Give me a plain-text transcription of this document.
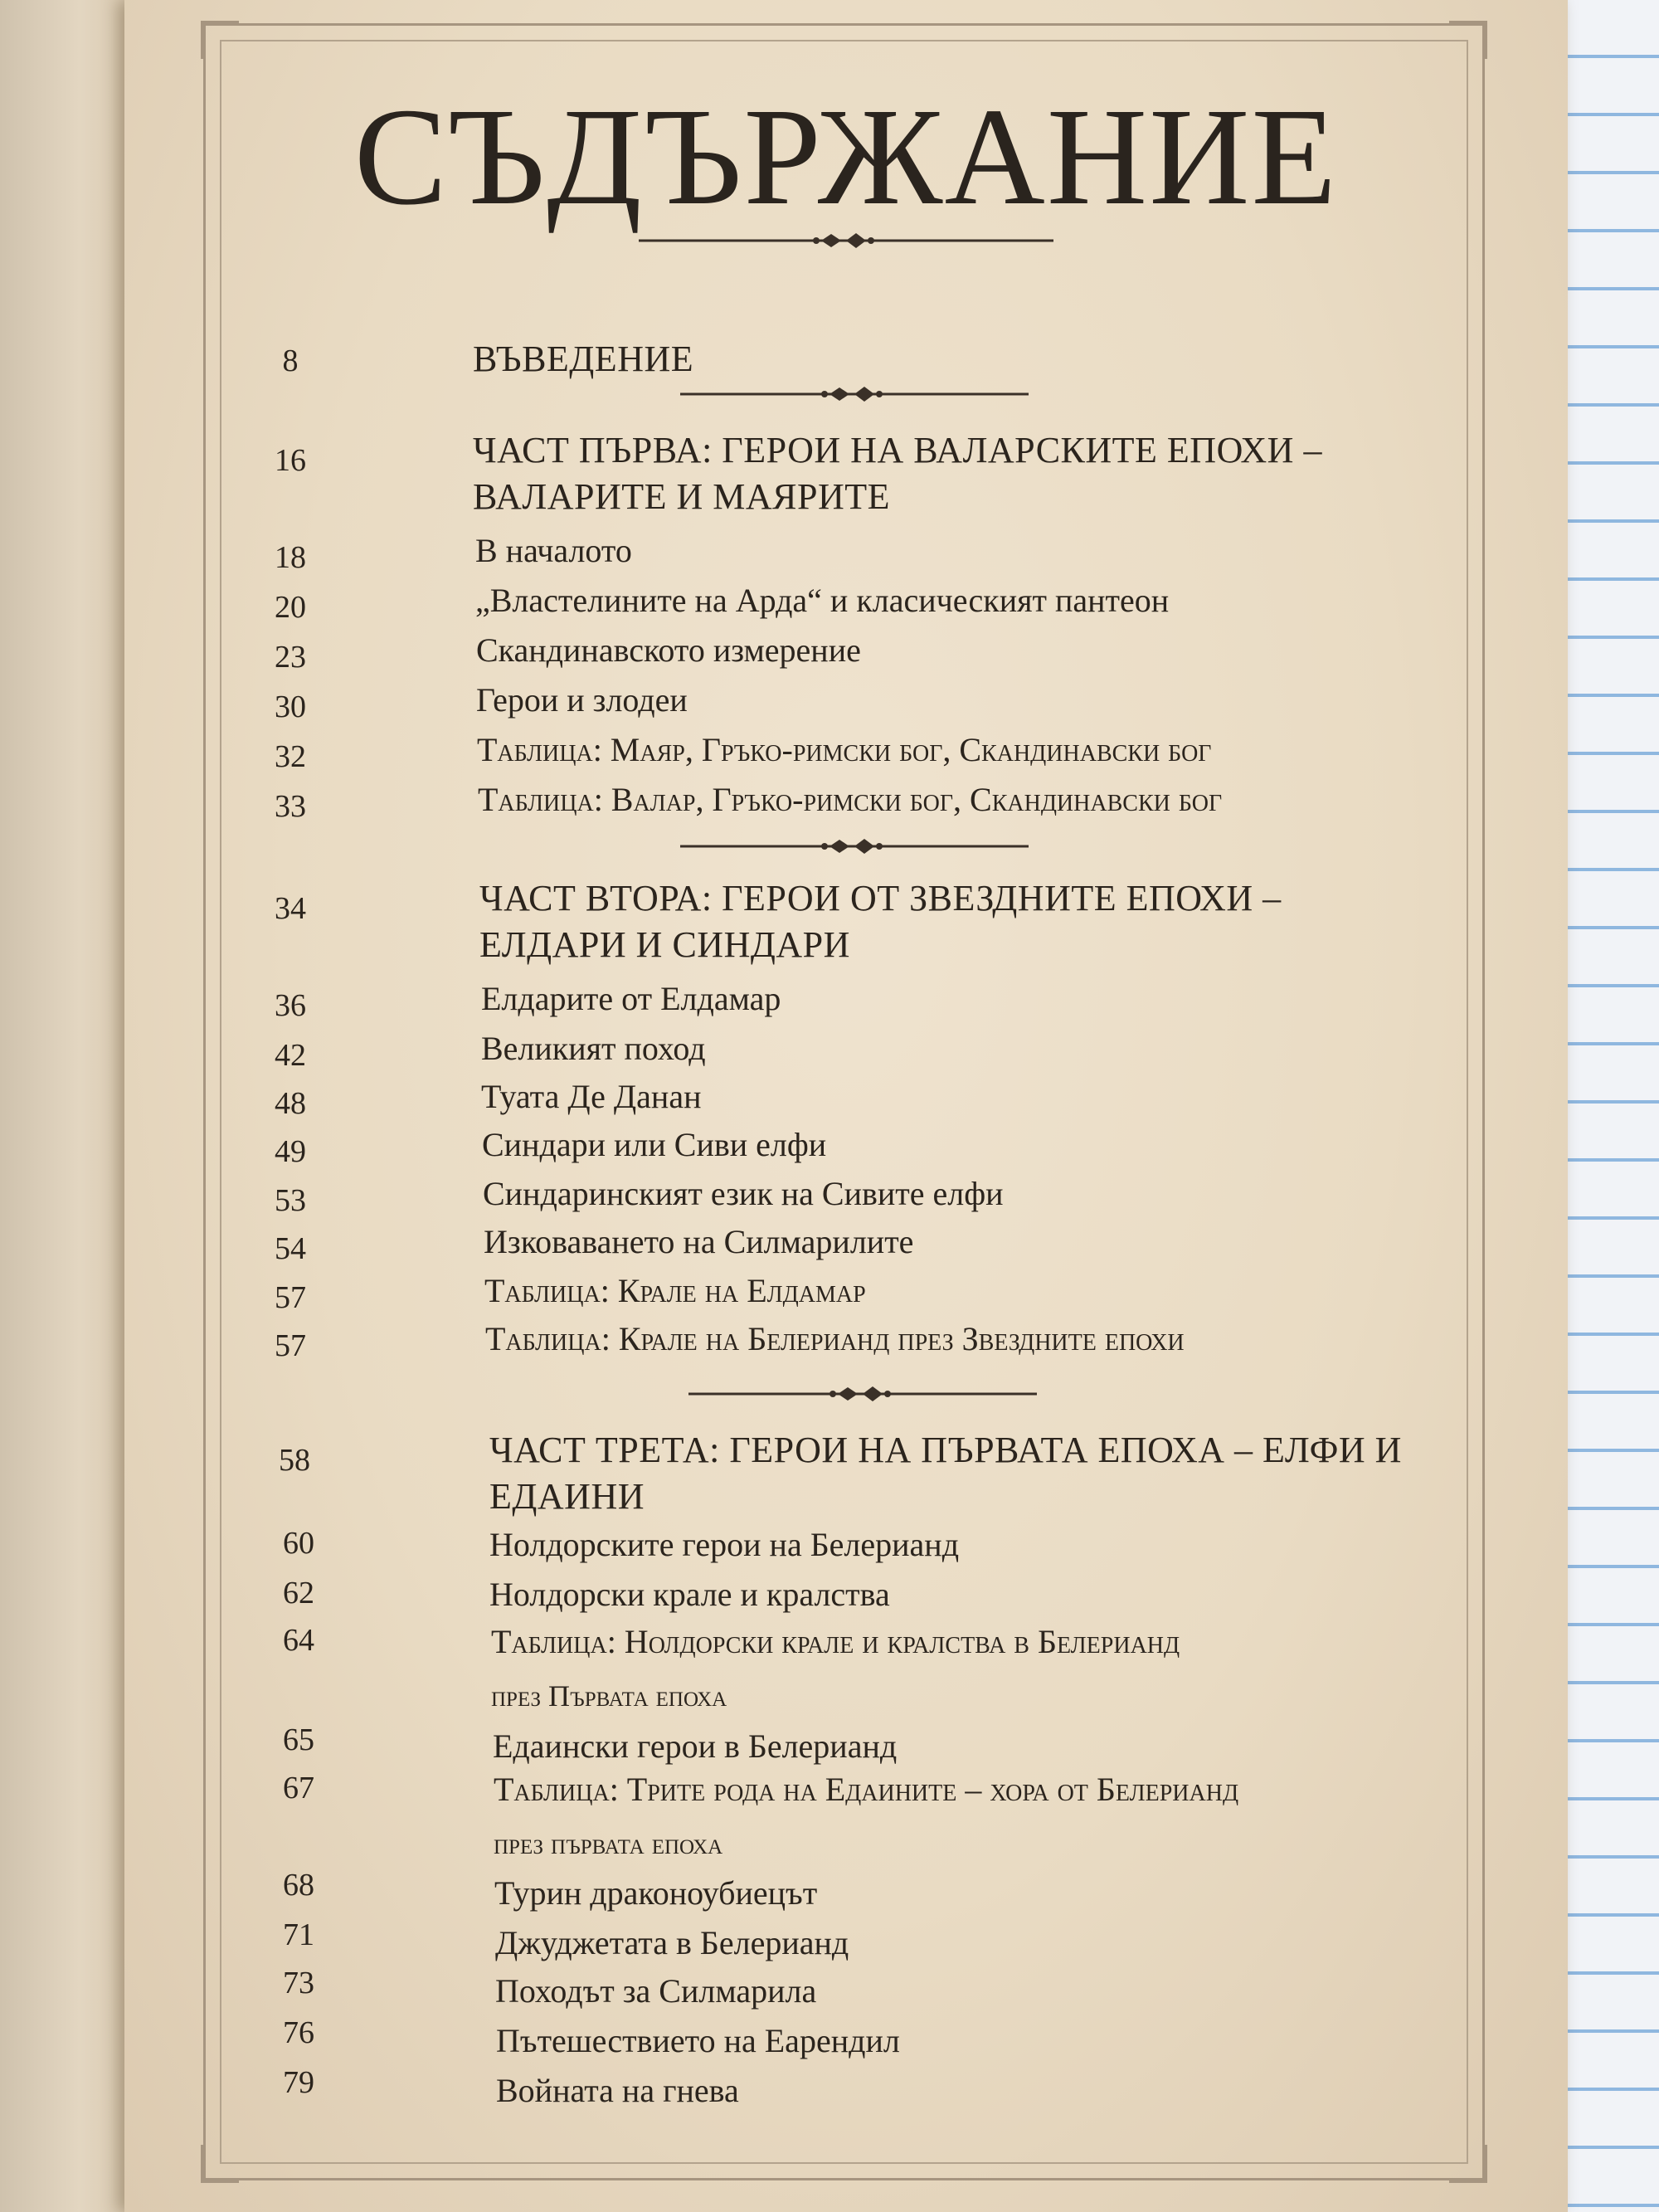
СЪДЪРЖАНИЕ
8	ВЪВЕДЕНИЕ
16	ЧАСТ ПЪРВА: ГЕРОИ НА ВАЛАРСКИТЕ ЕПОХИ – ВАЛАРИТЕ И МАЯРИТЕ
18	В началото
20	„Властелините на Арда“ и класическият пантеон
23	Скандинавското измерение
30	Герои и злодеи
32	Таблица: Маяр, Гръко-римски бог, Скандинавски бог
33	Таблица: Валар, Гръко-римски бог, Скандинавски бог
34	ЧАСТ ВТОРА: ГЕРОИ ОТ ЗВЕЗДНИТЕ ЕПОХИ – ЕЛДАРИ И СИНДАРИ
36	Елдарите от Елдамар
42	Великият поход
48	Туата Де Данан
49	Синдари или Сиви елфи
53	Синдаринският език на Сивите елфи
54	Изковаването на Силмарилите
57	Таблица: Крале на Елдамар
57	Таблица: Крале на Белерианд през Звездните епохи
58	ЧАСТ ТРЕТА: ГЕРОИ НА ПЪРВАТА ЕПОХА – ЕЛФИ И ЕДАИНИ
60	Нолдорските герои на Белерианд
62	Нолдорски крале и кралства
64	Таблица: Нолдорски крале и кралства в Белерианд
през Първата епоха
65	Едаински герои в Белерианд
67	Таблица: Трите рода на Едаините – хора от Белерианд
през първата епоха
68	Турин драконоубиецът
71	Джуджетата в Белерианд
73	Походът за Силмарила
76	Пътешествието на Еарендил
79	Войната на гнева
